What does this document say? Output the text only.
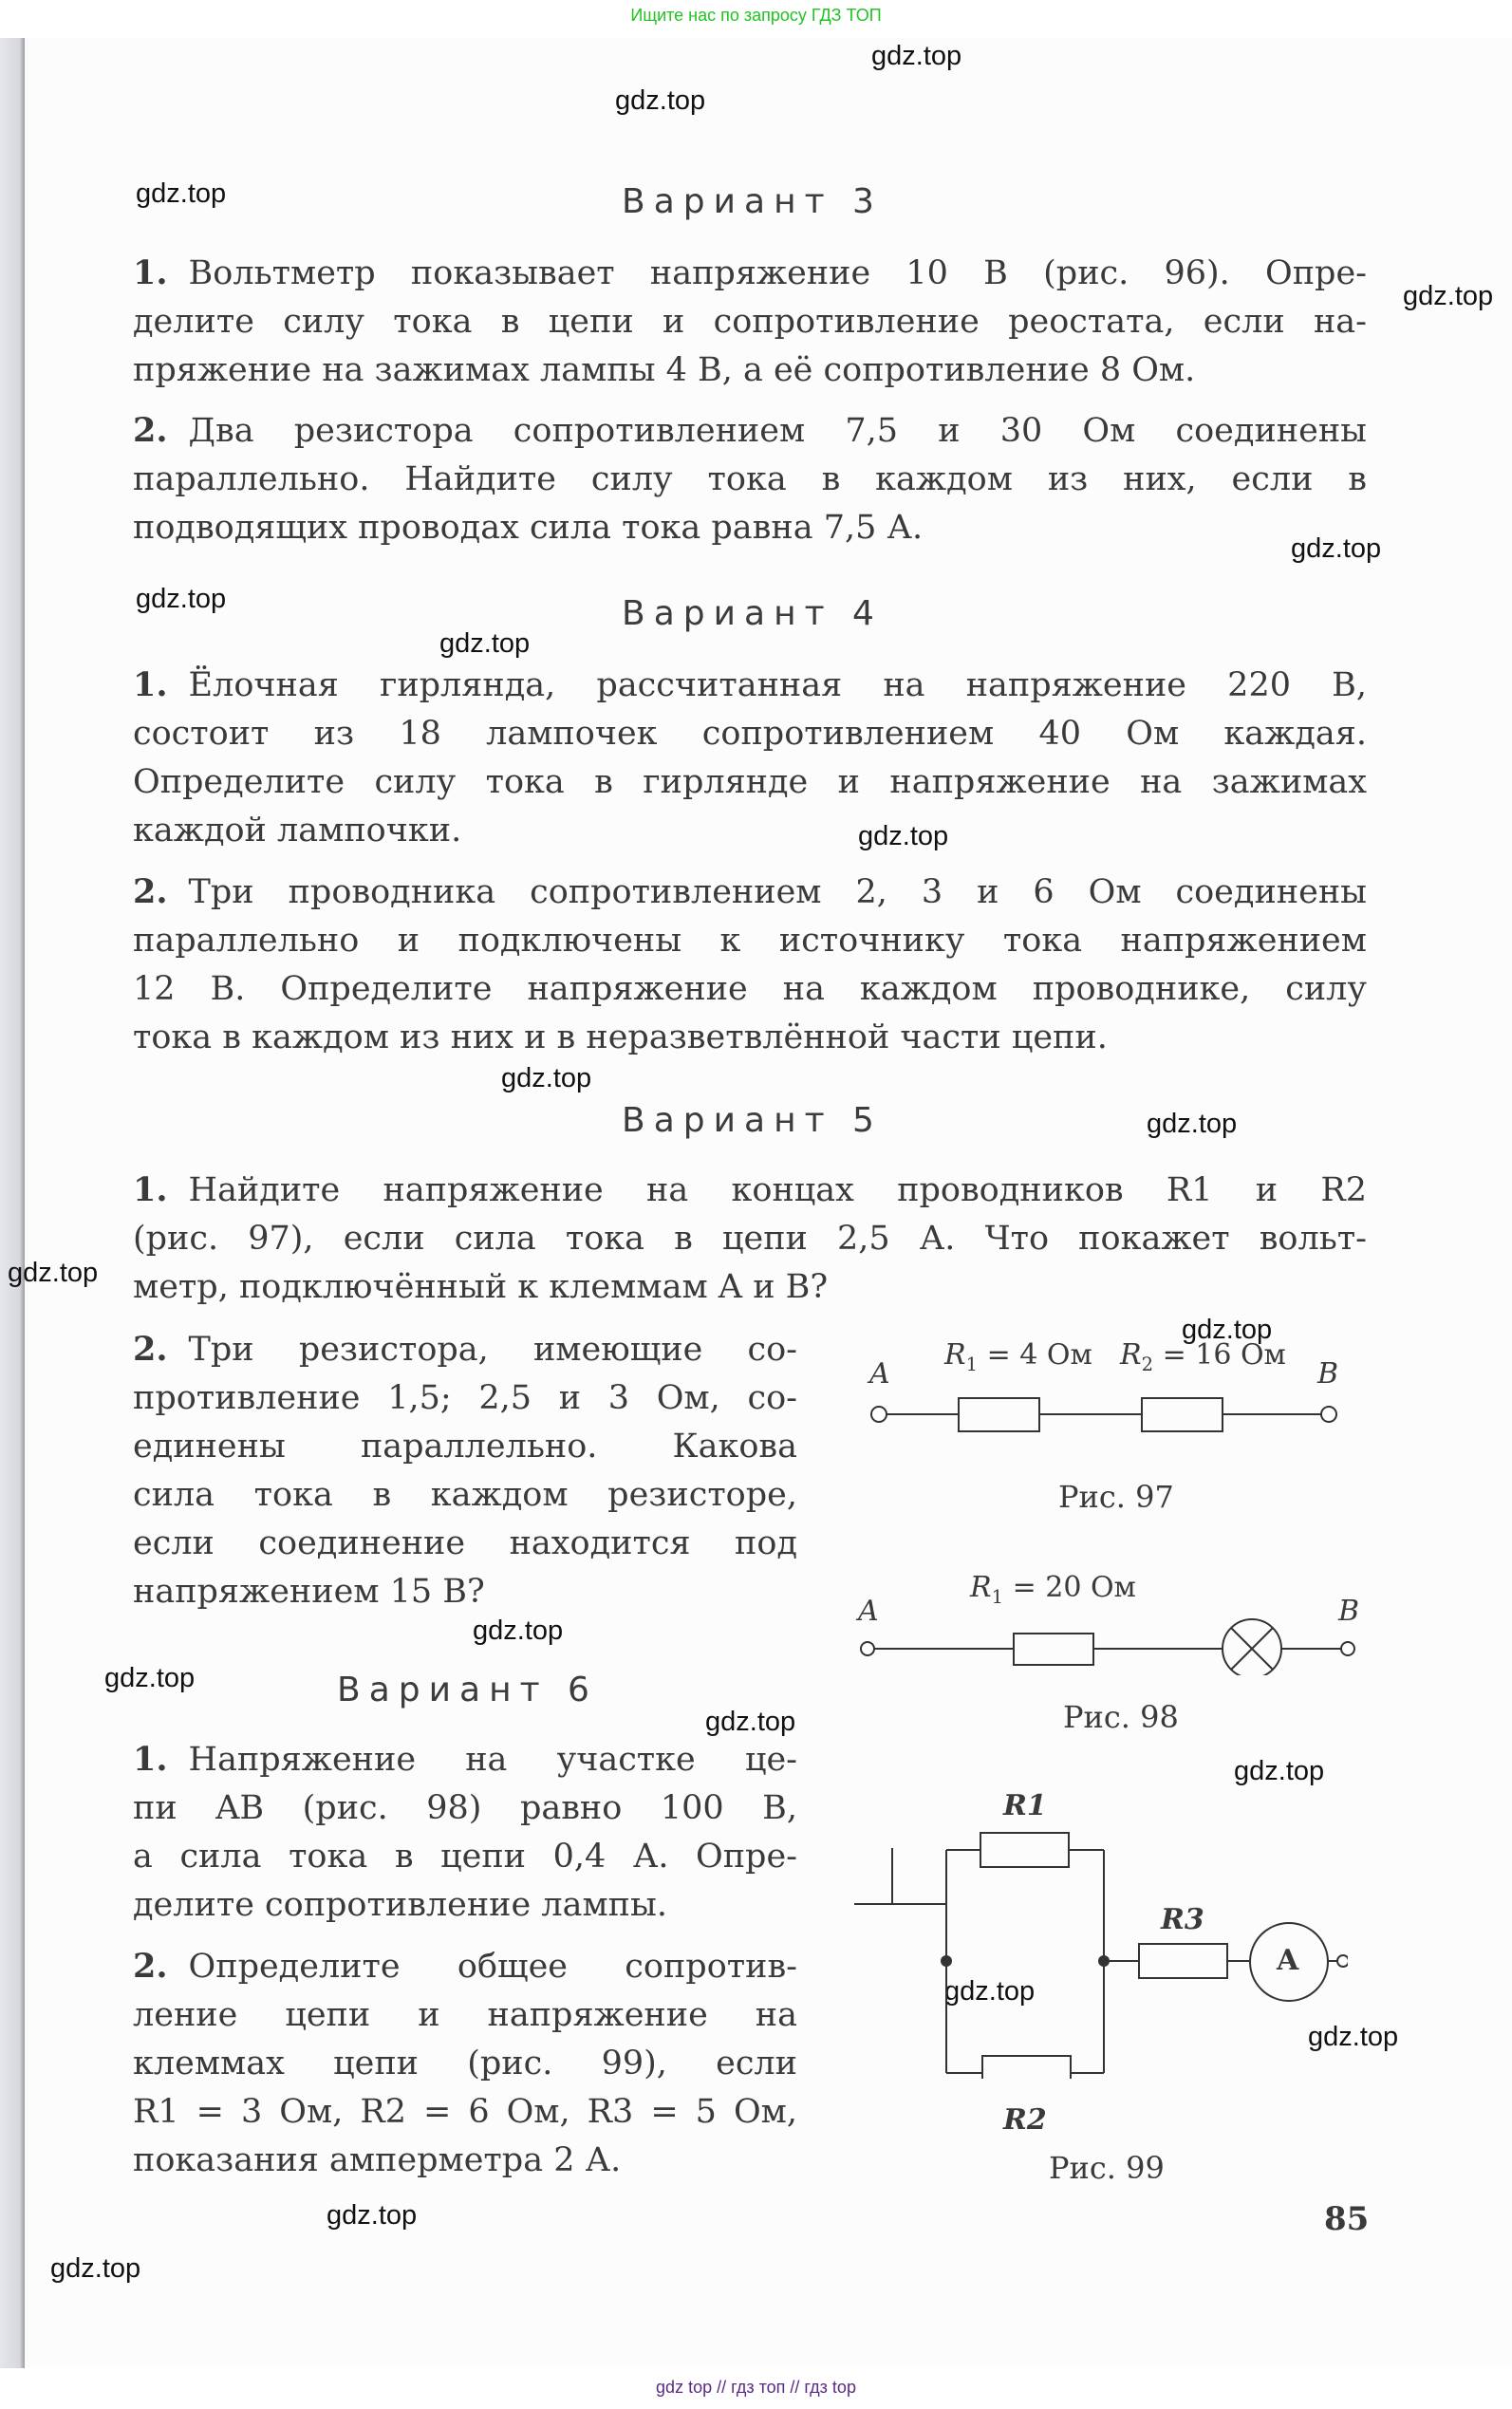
Ищите нас по запросу ГДЗ ТОП
gdz.top
gdz.top
gdz.top
gdz.top
gdz.top
gdz.top
gdz.top
gdz.top
gdz.top
gdz.top
gdz.top
gdz.top
gdz.top
gdz.top
gdz.top
gdz.top
gdz.top
gdz.top
gdz.top
gdz.top
Вариант 3
1. Вольтметр показывает напряжение 10 В (рис. 96). Опре-
делите силу тока в цепи и сопротивление реостата, если на-
пряжение на зажимах лампы 4 В, а её сопротивление 8 Ом.
2. Два резистора сопротивлением 7,5 и 30 Ом соединены
параллельно. Найдите силу тока в каждом из них, если в
подводящих проводах сила тока равна 7,5 А.
Вариант 4
1. Ёлочная гирлянда, рассчитанная на напряжение 220 В,
состоит из 18 лампочек сопротивлением 40 Ом каждая.
Определите силу тока в гирлянде и напряжение на зажимах
каждой лампочки.
2. Три проводника сопротивлением 2, 3 и 6 Ом соединены
параллельно и подключены к источнику тока напряжением
12 В. Определите напряжение на каждом проводнике, силу
тока в каждом из них и в неразветвлённой части цепи.
Вариант 5
1. Найдите напряжение на концах проводников R1 и R2
(рис. 97), если сила тока в цепи 2,5 А. Что покажет вольт-
метр, подключённый к клеммам A и B?
2. Три резистора, имеющие со-
противление 1,5; 2,5 и 3 Ом, со-
единены параллельно. Какова
сила тока в каждом резисторе,
если соединение находится под
напряжением 15 В?
Вариант 6
1. Напряжение на участке це-
пи AB (рис. 98) равно 100 В,
а сила тока в цепи 0,4 А. Опре-
делите сопротивление лампы.
2. Определите общее сопротив-
ление цепи и напряжение на
клеммах цепи (рис. 99), если
R1 = 3 Ом, R2 = 6 Ом, R3 = 5 Ом,
показания амперметра 2 А.
A	B
$R_1 = 4$ Ом $R_2 = 16$ Ом
Рис. 97
A	B
$R_1 = 20$ Ом
Рис. 98
R1
R2
R3
A
Рис. 99
85
gdz top // гдз топ // гдз top
